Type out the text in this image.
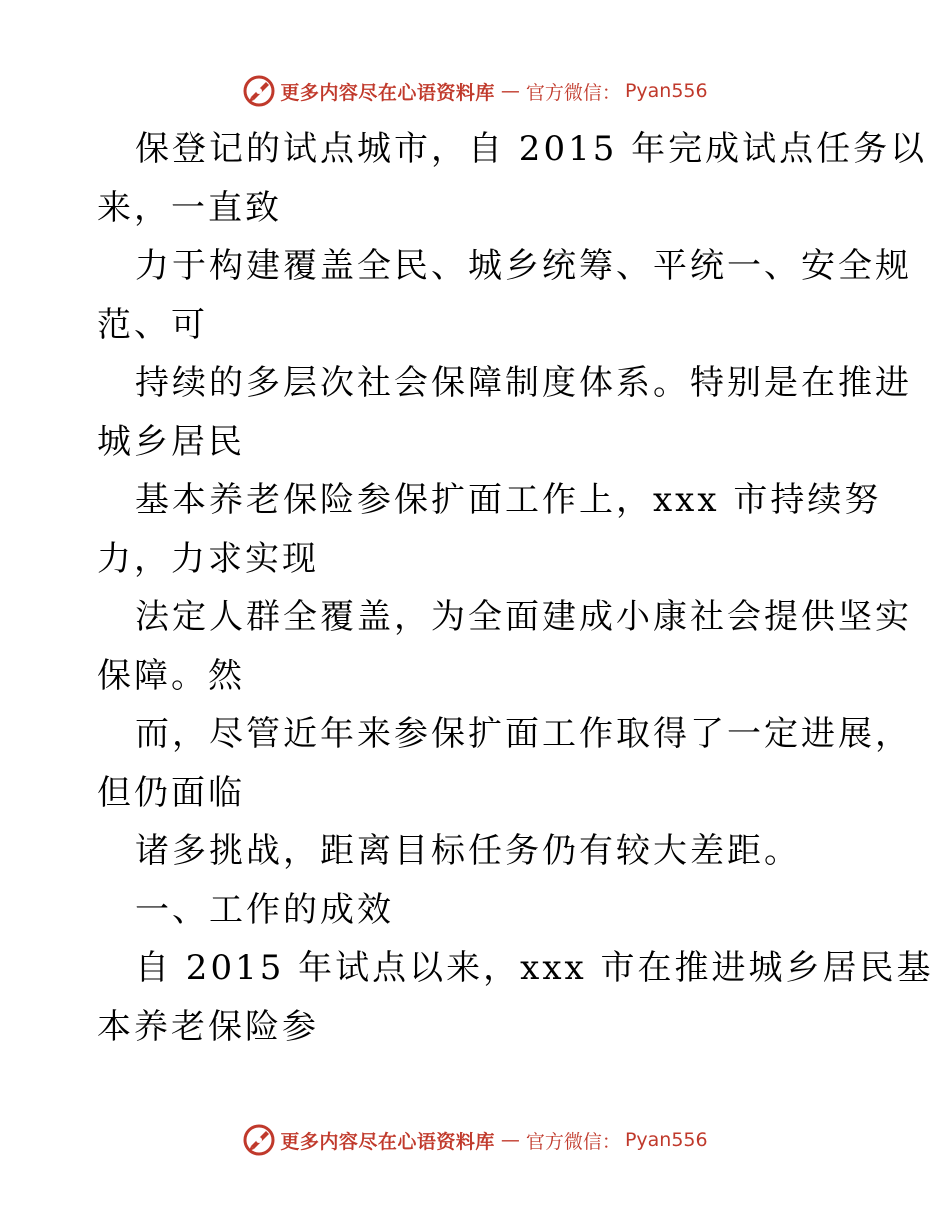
更多内容尽在心语资料库 — 官方微信： Pyan556
保登记的试点城市，自 2015 年完成试点任务以
来，一直致
力于构建覆盖全民、城乡统筹、平统一、安全规
范、可
持续的多层次社会保障制度体系。特别是在推进
城乡居民
基本养老保险参保扩面工作上，xxx 市持续努
力，力求实现
法定人群全覆盖，为全面建成小康社会提供坚实
保障。然
而，尽管近年来参保扩面工作取得了一定进展，
但仍面临
诸多挑战，距离目标任务仍有较大差距。
一、工作的成效
自 2015 年试点以来，xxx 市在推进城乡居民基
本养老保险参
更多内容尽在心语资料库 — 官方微信： Pyan556
